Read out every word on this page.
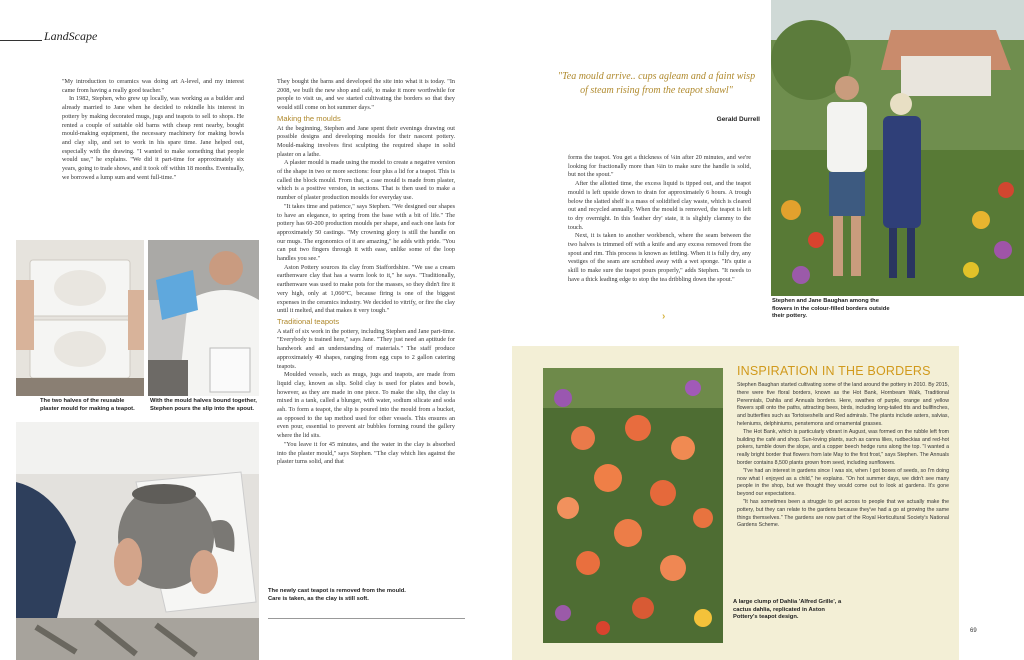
LandScape

"My introduction to ceramics was doing art A-level, and my interest came from having a really good teacher."

In 1982, Stephen, who grew up locally, was working as a builder and already married to Jane when he decided to rekindle his interest in pottery by making decorated mugs, jugs and teapots to sell to shops. He rented a couple of suitable old barns with cheap rent nearby, bought mould-making equipment, the necessary machinery for making bowls and clay slip, and set to work in his spare time. Jane helped out, especially with the drawing. "I wanted to make something that people would use," he explains. "We did it part-time for approximately six years, going to trade shows, and it took off within 18 months. Eventually, we borrowed a lump sum and went full-time."

The two halves of the reusable plaster mould for making a teapot.
With the mould halves bound together, Stephen pours the slip into the spout.

They bought the barns and developed the site into what it is today. "In 2008, we built the new shop and café, to make it more worthwhile for people to visit us, and we started cultivating the borders so that they would still come on hot summer days."

Making the moulds

At the beginning, Stephen and Jane spent their evenings drawing out possible designs and developing moulds for their nascent pottery. Mould-making involves first sculpting the required shape in solid plaster on a lathe.

A plaster mould is made using the model to create a negative version of the shape in two or more sections: four plus a lid for a teapot. This is called the block mould. From that, a case mould is made from plaster, which is a positive version, in sections. That is then used to make a number of plaster production moulds for everyday use.

"It takes time and patience," says Stephen. "We designed our shapes to have an elegance, to spring from the base with a bit of life." The pottery has 60-200 production moulds per shape, and each one lasts for approximately 50 castings. "My crowning glory is still the handle on our mugs. The ergonomics of it are amazing," he adds with pride. "You can put two fingers through it with ease, unlike some of the loop handles you see."

Aston Pottery sources its clay from Staffordshire. "We use a cream earthenware clay that has a warm look to it," he says. "Traditionally, earthenware was used to make pots for the masses, so they didn't fire it very high, only at 1,060°C, because firing is one of the biggest expenses in the ceramics industry. We decided to vitrify, or fire the clay until it melted, and that makes it very tough."

Traditional teapots

A staff of six work in the pottery, including Stephen and Jane part-time. "Everybody is trained here," says Jane. "They just need an aptitude for handwork and an understanding of materials." The staff produce approximately 40 shapes, ranging from egg cups to 2 gallon catering teapots.

Moulded vessels, such as mugs, jugs and teapots, are made from liquid clay, known as slip. Solid clay is used for plates and bowls, however, as they are made in one piece. To make the slip, the clay is mixed in a tank, called a blunger, with water, sodium silicate and soda ash. To form a teapot, the slip is poured into the mould from a bucket, as opposed to the tap method used for other vessels. This ensures an even pour, essential to prevent air bubbles forming round the gallery where the lid sits.

"You leave it for 45 minutes, and the water in the clay is absorbed into the plaster mould," says Stephen. "The clay which lies against the plaster turns solid, and that

The newly cast teapot is removed from the mould. Care is taken, as the clay is still soft.
"Tea mould arrive.. cups agleam and a faint wisp of steam rising from the teapot shawl"
Gerald Durrell

forms the teapot. You get a thickness of ¼in after 20 minutes, and we're looking for fractionally more than ¼in to make sure the handle is solid, but not the spout."

After the allotted time, the excess liquid is tipped out, and the teapot mould is left upside down to drain for approximately 6 hours. A trough below the slatted shelf is a mass of solidified clay waste, which is cleared out and recycled annually. When the mould is removed, the teapot is left to dry overnight. In this 'leather dry' state, it is slightly clammy to the touch.

Next, it is taken to another workbench, where the seam between the two halves is trimmed off with a knife and any excess removed from the spout and rim. This process is known as fettling. When it is fully dry, any vestiges of the seam are scrubbed away with a wet sponge. "It's quite a skill to make sure the teapot pours properly," adds Stephen. "It needs to have a thick leading edge to stop the tea dribbling down the spout."

›
Stephen and Jane Baughan among the flowers in the colour-filled borders outside their pottery.
INSPIRATION IN THE BORDERS

Stephen Baughan started cultivating some of the land around the pottery in 2010. By 2015, there were five floral borders, known as the Hot Bank, Hornbeam Walk, Traditional Perennials, Dahlia and Annuals borders. Here, swathes of purple, orange and yellow flowers spill onto the paths, attracting bees, birds, including long-tailed tits and bullfinches, and butterflies such as Tortoiseshells and Red admirals. The plants include asters, salvias, heleniums, delphiniums, penstemons and ornamental grasses.

The Hot Bank, which is particularly vibrant in August, was formed on the rubble left from building the café and shop. Sun-loving plants, such as canna lilies, rudbeckias and red-hot pokers, tumble down the slope, and a copper beech hedge runs along the top. "I wanted a really bright border that flowers from late May to the first frost," says Stephen. The Annuals border contains 8,500 plants grown from seed, including sunflowers.

"I've had an interest in gardens since I was six, when I got boxes of seeds, so I'm doing now what I enjoyed as a child," he explains. "On hot summer days, we didn't see many people in the shop, but we thought they would come out to look at gardens. It's gone beyond our expectations.

"It has sometimes been a struggle to get across to people that we actually make the pottery, but they can relate to the gardens because they've had a go at growing the same things themselves." The gardens are now part of the Royal Horticultural Society's National Gardens Scheme.

A large clump of Dahlia 'Alfred Grille', a cactus dahlia, replicated in Aston Pottery's teapot design.
69
